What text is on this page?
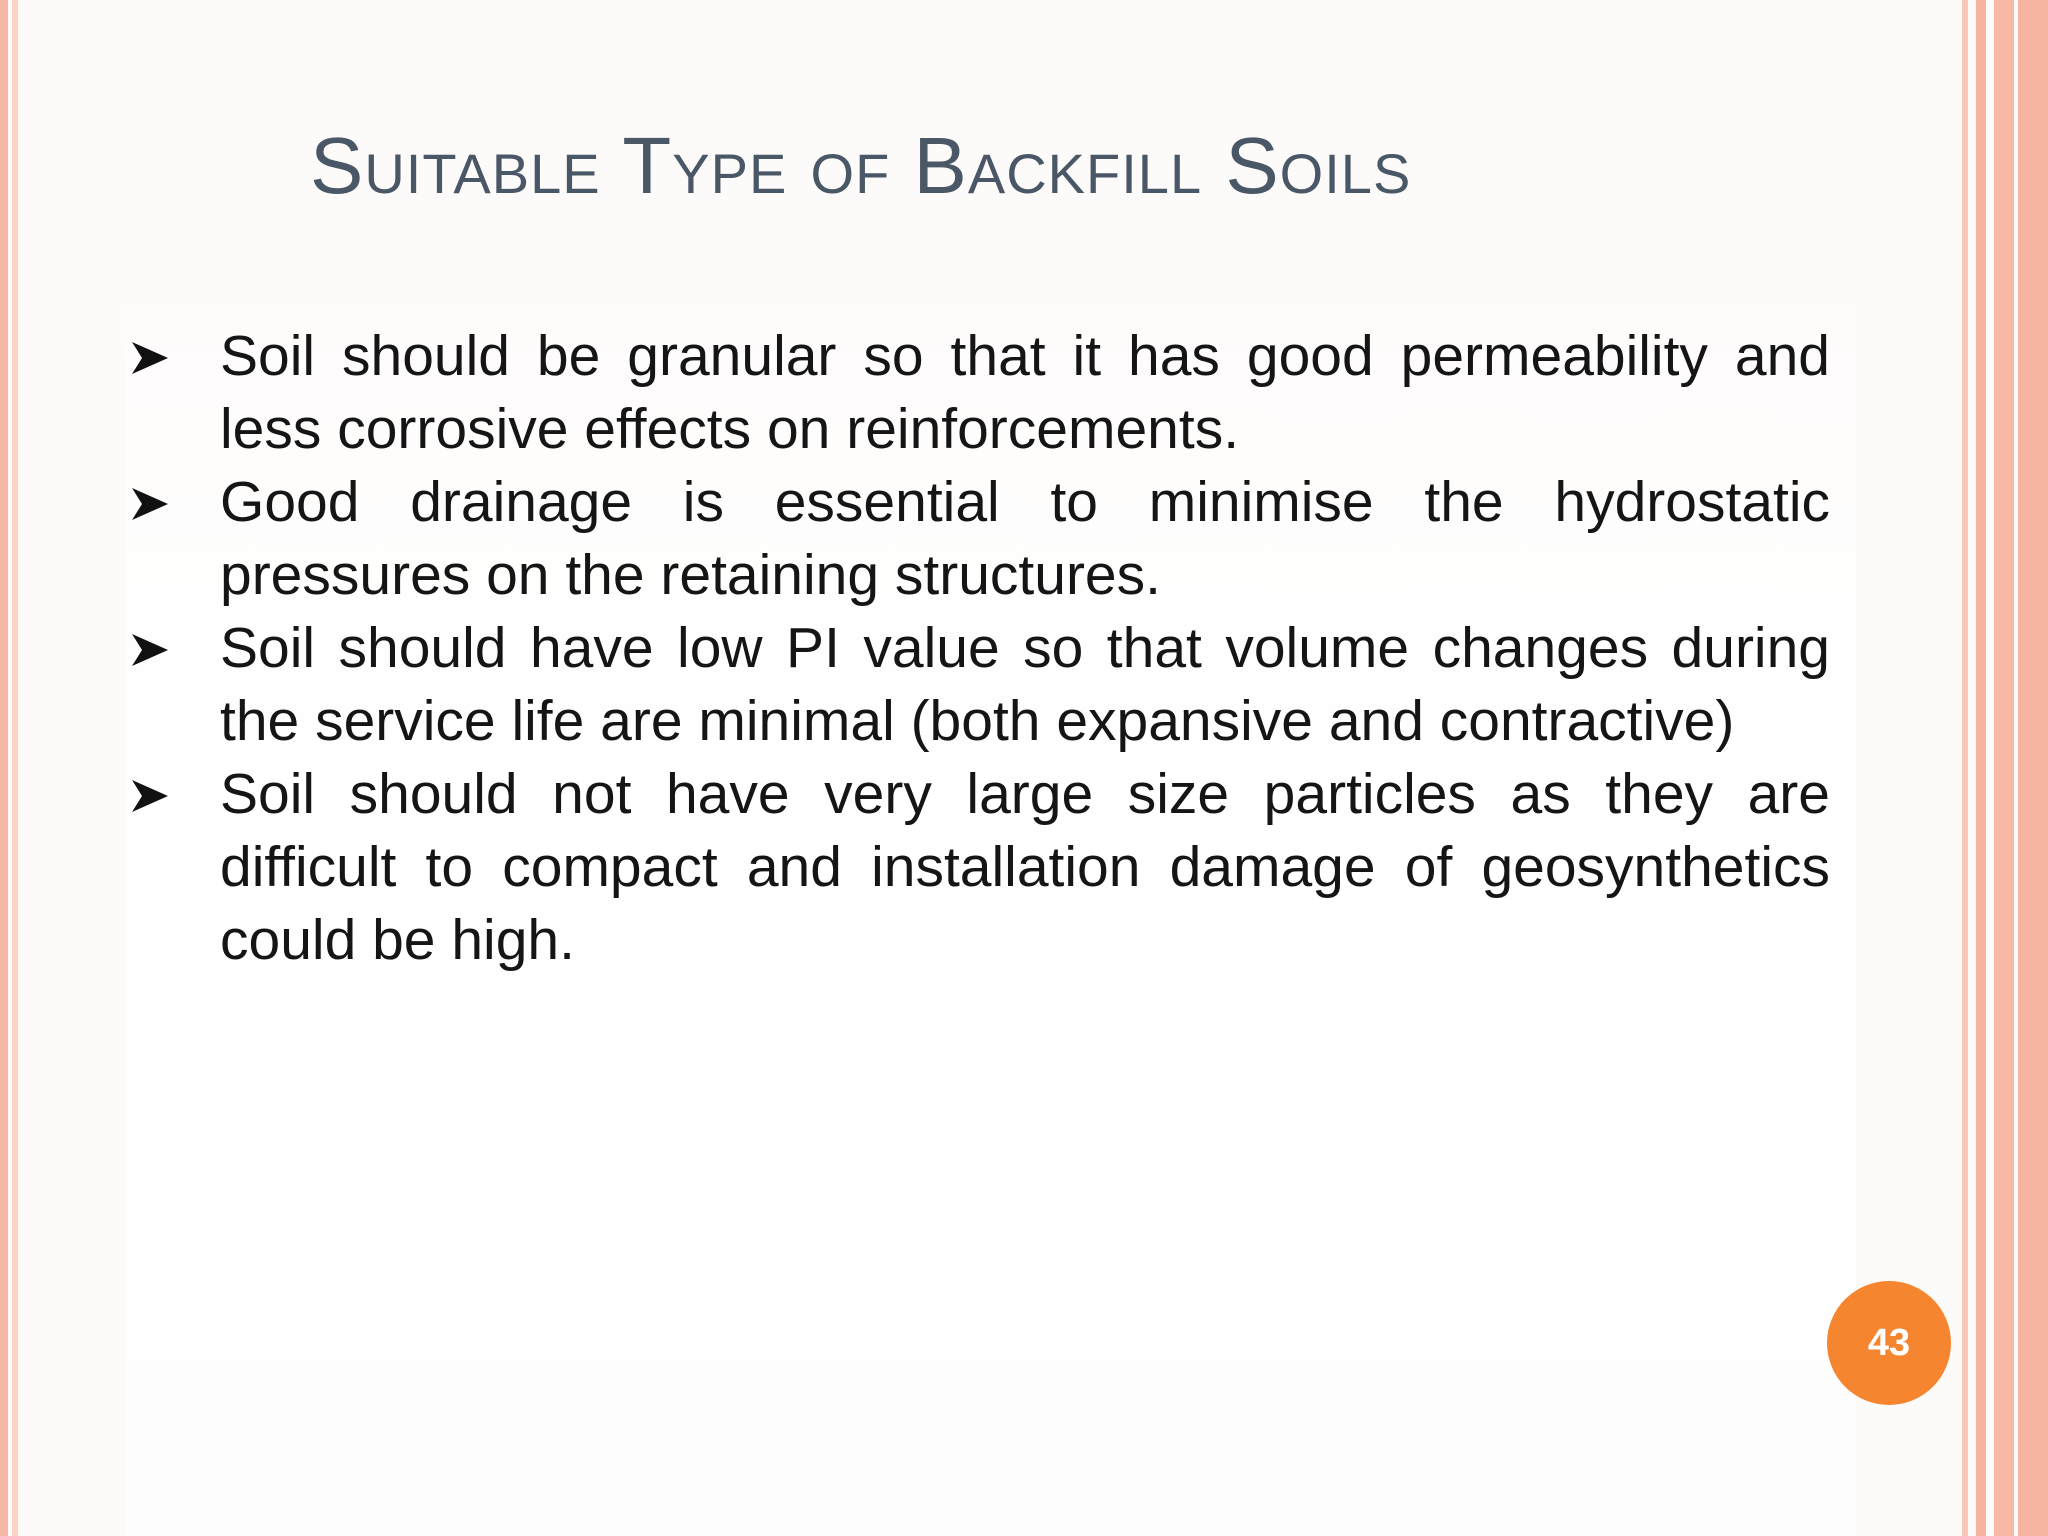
Suitable Type of Backfill Soils
Soil should be granular so that it has good permeability and less corrosive effects on reinforcements.
Good drainage is essential to minimise the hydrostatic pressures on the retaining structures.
Soil should have low PI value so that volume changes during the service life are minimal (both expansive and contractive)
Soil should not have very large size particles as they are difficult to compact and installation damage of geosynthetics could be high.
43
